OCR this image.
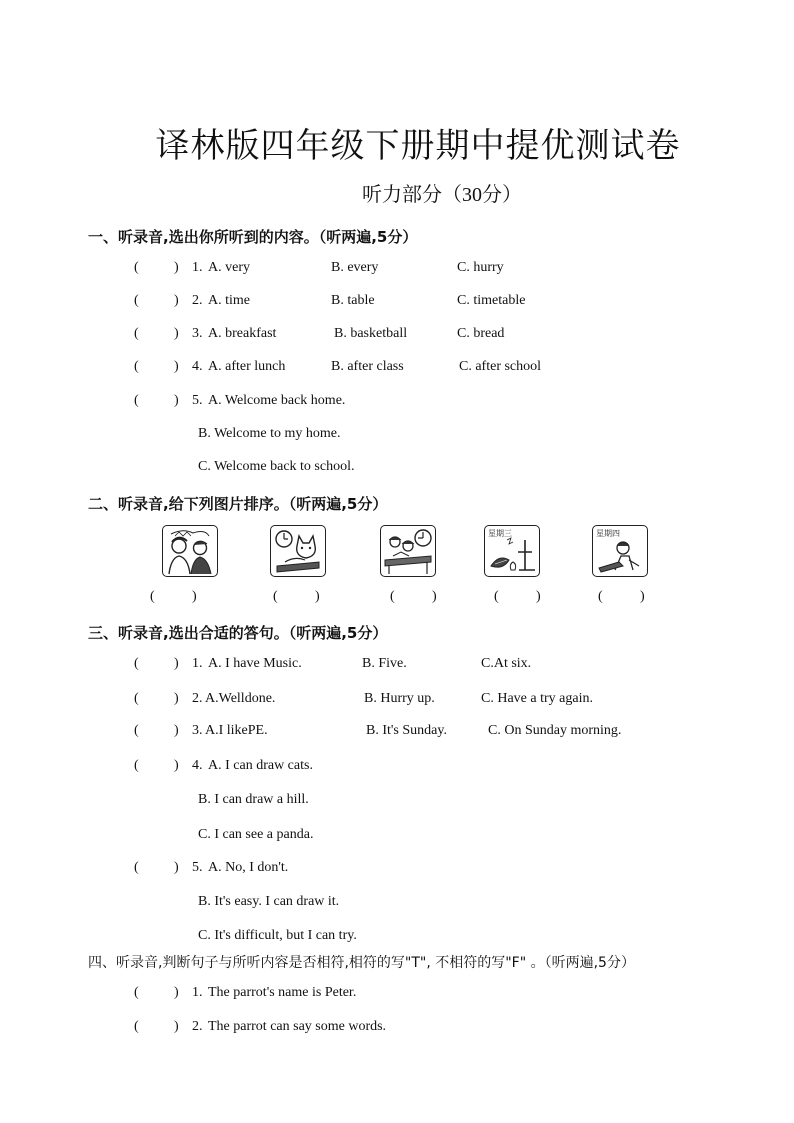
译林版四年级下册期中提优测试卷
听力部分（30分）
一、听录音,选出你所听到的内容。（听两遍,5分）
(	) 1. A. very	B. every	C. hurry
(	) 2. A. time	B. table	C. timetable
(	) 3. A. breakfast	B. basketball	C. bread
(	) 4. A. after lunch	B. after class	C. after school
(	) 5. A. Welcome back home.
B. Welcome to my home.
C. Welcome back to school.
二、听录音,给下列图片排序。（听两遍,5分）
(	)	(	)	(	)
星期三
(	)
星期四
(	)
三、听录音,选出合适的答句。（听两遍,5分）
(	) 1. A. I have Music.	B. Five.	C.At six.
(	) 2. A.Welldone.	B. Hurry up.	C. Have a try again.
(	) 3. A.I likePE.	B. It's Sunday.	C. On Sunday morning.
(	) 4. A. I can draw cats.
B. I can draw a hill.
C. I can see a panda.
(	) 5. A. No, I don't.
B. It's easy. I can draw it.
C. It's difficult, but I can try.
四、听录音,判断句子与所听内容是否相符,相符的写"T", 不相符的写"F" 。（听两遍,5分）
(	) 1. The parrot's name is Peter.
(	) 2. The parrot can say some words.
